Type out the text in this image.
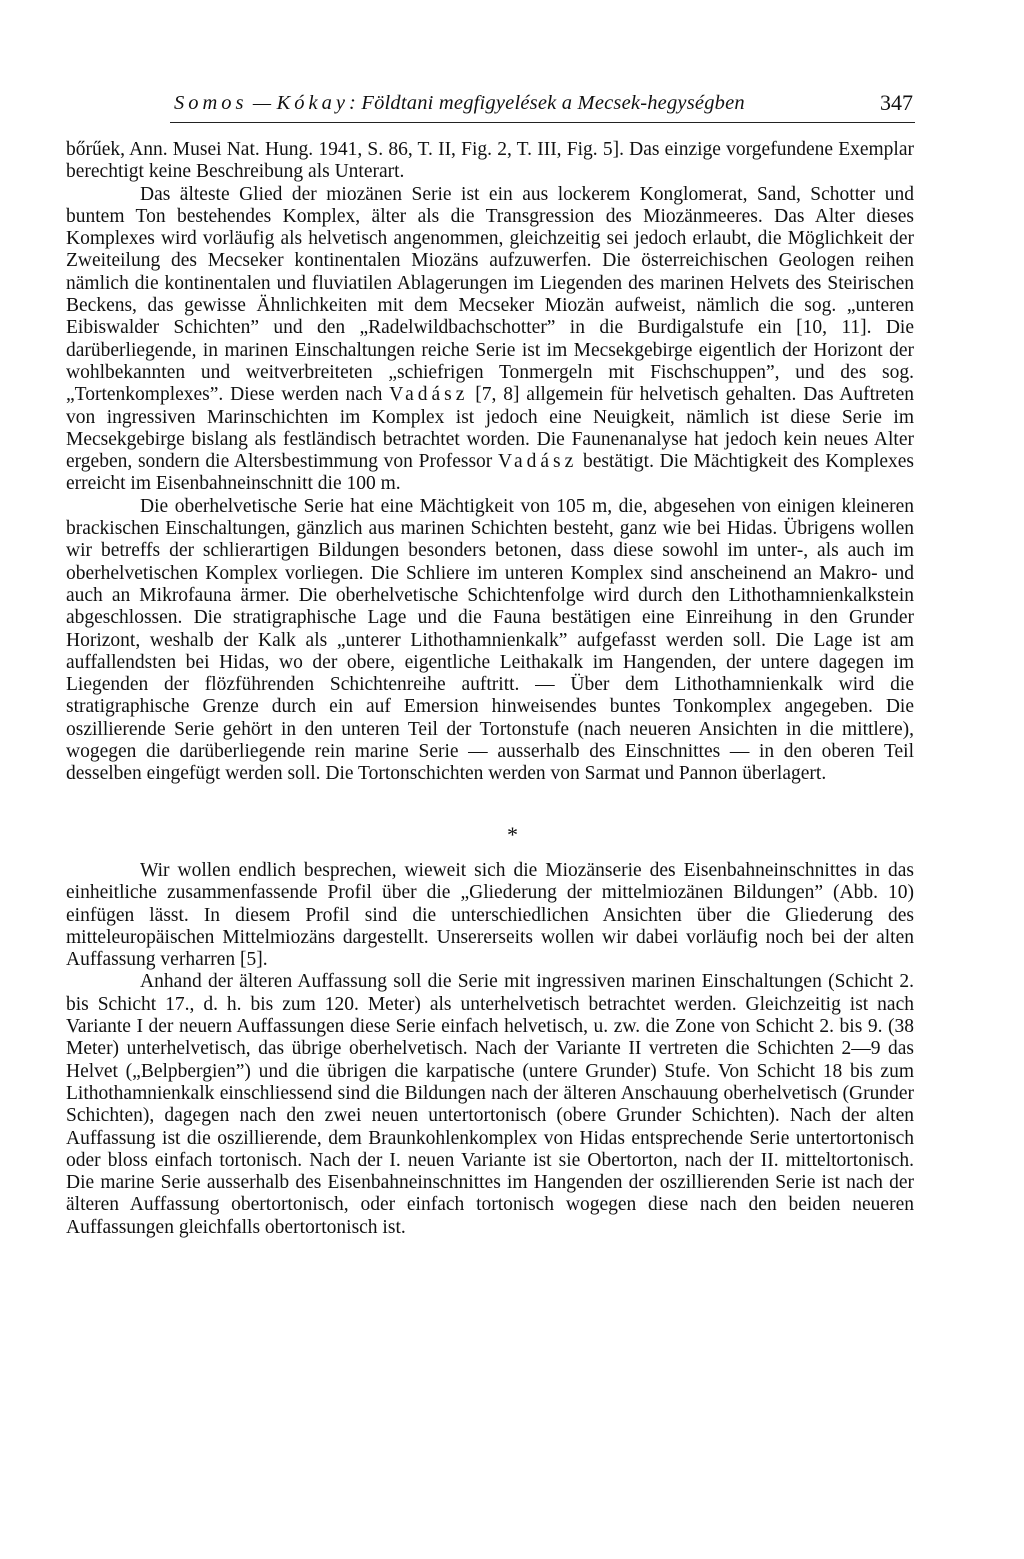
Somos — Kókay: Földtani megfigyelések a Mecsek-hegységben	347

bőrűek, Ann. Musei Nat. Hung. 1941, S. 86, T. II, Fig. 2, T. III, Fig. 5]. Das einzige vorgefundene Exemplar berechtigt keine Beschreibung als Unterart.

Das älteste Glied der miozänen Serie ist ein aus lockerem Konglomerat, Sand, Schotter und buntem Ton bestehendes Komplex, älter als die Transgression des Miozänmeeres. Das Alter dieses Komplexes wird vorläufig als helvetisch angenommen, gleichzeitig sei jedoch erlaubt, die Möglichkeit der Zweiteilung des Mecseker kontinentalen Miozäns aufzuwerfen. Die österreichischen Geologen reihen nämlich die kontinentalen und fluviatilen Ablagerungen im Liegenden des marinen Helvets des Steirischen Beckens, das gewisse Ähnlichkeiten mit dem Mecseker Miozän aufweist, nämlich die sog. „unteren Eibiswalder Schichten” und den „Radelwildbachschotter” in die Burdigalstufe ein [10, 11]. Die darüberliegende, in marinen Einschaltungen reiche Serie ist im Mecsekgebirge eigentlich der Horizont der wohlbekannten und weitverbreiteten „schiefrigen Tonmergeln mit Fischschuppen”, und des sog. „Tortenkomplexes”. Diese werden nach Vadász [7, 8] allgemein für helvetisch gehalten. Das Auftreten von ingressiven Marinschichten im Komplex ist jedoch eine Neuigkeit, nämlich ist diese Serie im Mecsekgebirge bislang als festländisch betrachtet worden. Die Faunenanalyse hat jedoch kein neues Alter ergeben, sondern die Altersbestimmung von Professor Vadász bestätigt. Die Mächtigkeit des Komplexes erreicht im Eisenbahneinschnitt die 100 m.

Die oberhelvetische Serie hat eine Mächtigkeit von 105 m, die, abgesehen von einigen kleineren brackischen Einschaltungen, gänzlich aus marinen Schichten besteht, ganz wie bei Hidas. Übrigens wollen wir betreffs der schlierartigen Bildungen besonders betonen, dass diese sowohl im unter-, als auch im oberhelvetischen Komplex vorliegen. Die Schliere im unteren Komplex sind anscheinend an Makro- und auch an Mikrofauna ärmer. Die oberhelvetische Schichtenfolge wird durch den Lithothamnienkalkstein abgeschlossen. Die stratigraphische Lage und die Fauna bestätigen eine Einreihung in den Grunder Horizont, weshalb der Kalk als „unterer Lithothamnienkalk” aufgefasst werden soll. Die Lage ist am auffallendsten bei Hidas, wo der obere, eigentliche Leithakalk im Hangenden, der untere dagegen im Liegenden der flözführenden Schichtenreihe auftritt. — Über dem Lithothamnienkalk wird die stratigraphische Grenze durch ein auf Emersion hinweisendes buntes Tonkomplex angegeben. Die oszillierende Serie gehört in den unteren Teil der Tortonstufe (nach neueren Ansichten in die mittlere), wogegen die darüberliegende rein marine Serie — ausserhalb des Einschnittes — in den oberen Teil desselben eingefügt werden soll. Die Tortonschichten werden von Sarmat und Pannon überlagert.

*

Wir wollen endlich besprechen, wieweit sich die Miozänserie des Eisenbahneinschnittes in das einheitliche zusammenfassende Profil über die „Gliederung der mittelmiozänen Bildungen” (Abb. 10) einfügen lässt. In diesem Profil sind die unterschiedlichen Ansichten über die Gliederung des mitteleuropäischen Mittelmiozäns dargestellt. Unsererseits wollen wir dabei vorläufig noch bei der alten Auffassung verharren [5].

Anhand der älteren Auffassung soll die Serie mit ingressiven marinen Einschaltungen (Schicht 2. bis Schicht 17., d. h. bis zum 120. Meter) als unterhelvetisch betrachtet werden. Gleichzeitig ist nach Variante I der neuern Auffassungen diese Serie einfach helvetisch, u. zw. die Zone von Schicht 2. bis 9. (38 Meter) unterhelvetisch, das übrige oberhelvetisch. Nach der Variante II vertreten die Schichten 2—9 das Helvet („Belpbergien”) und die übrigen die karpatische (untere Grunder) Stufe. Von Schicht 18 bis zum Lithothamnienkalk einschliessend sind die Bildungen nach der älteren Anschauung oberhelvetisch (Grunder Schichten), dagegen nach den zwei neuen untertortonisch (obere Grunder Schichten). Nach der alten Auffassung ist die oszillierende, dem Braunkohlenkomplex von Hidas entsprechende Serie untertortonisch oder bloss einfach tortonisch. Nach der I. neuen Variante ist sie Obertorton, nach der II. mitteltortonisch. Die marine Serie ausserhalb des Eisenbahneinschnittes im Hangenden der oszillierenden Serie ist nach der älteren Auffassung obertortonisch, oder einfach tortonisch wogegen diese nach den beiden neueren Auffassungen gleichfalls obertortonisch ist.
